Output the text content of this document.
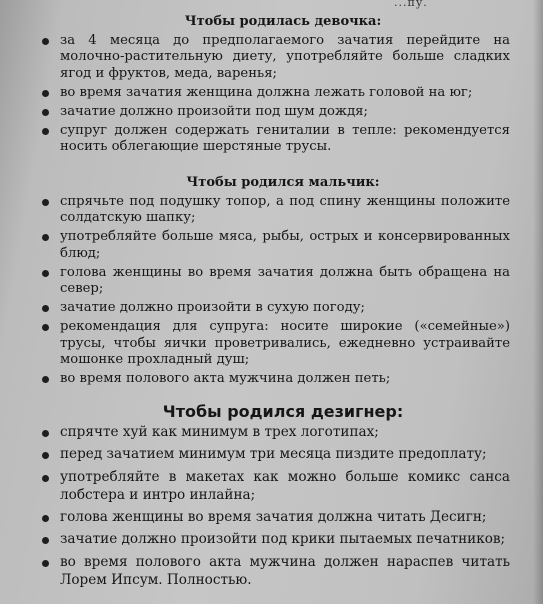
...пу.
Чтобы родилась девочка:
за 4 месяца до предполагаемого зачатия перейдите на молочно-растительную диету, употребляйте больше сладких ягод и фруктов, меда, варенья;
во время зачатия женщина должна лежать головой на юг;
зачатие должно произойти под шум дождя;
супруг должен содержать гениталии в тепле: рекомендуется носить облегающие шерстяные трусы.
Чтобы родился мальчик:
спрячьте под подушку топор, а под спину женщины положите солдатскую шапку;
употребляйте больше мяса, рыбы, острых и консервированных блюд;
голова женщины во время зачатия должна быть обращена на север;
зачатие должно произойти в сухую погоду;
рекомендация для супруга: носите широкие («семейные») трусы, чтобы яички проветривались, ежедневно устраивайте мошонке прохладный душ;
во время полового акта мужчина должен петь;
Чтобы родился дезигнер:
спрячте хуй как минимум в трех логотипах;
перед зачатием минимум три месяца пиздите предоплату;
употребляйте в макетах как можно больше комикс санса лобстера и интро инлайна;
голова женщины во время зачатия должна читать Десигн;
зачатие должно произойти под крики пытаемых печатников;
во время полового акта мужчина должен нараспев читать Лорем Ипсум. Полностью.
